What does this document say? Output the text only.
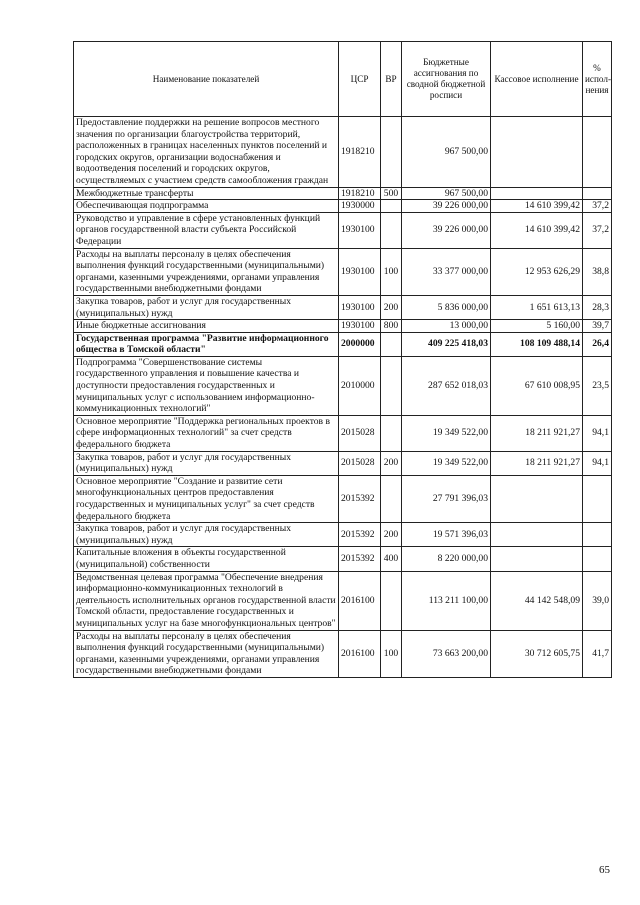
Наименование показателей	ЦСР	ВР	Бюджетные ассигнования по сводной бюджетной росписи	Кассовое исполнение	% испол-нения
Предоставление поддержки на решение вопросов местного значения по организации благоустройства территорий, расположенных в границах населенных пунктов поселений и городских округов, организации водоснабжения и водоотведения поселений и городских округов, осуществляемых с участием средств самообложения граждан	1918210		967 500,00		
Межбюджетные трансферты	1918210	500	967 500,00		
Обеспечивающая подпрограмма	1930000		39 226 000,00	14 610 399,42	37,2
Руководство и управление в сфере установленных функций органов государственной власти субъекта Российской Федерации	1930100		39 226 000,00	14 610 399,42	37,2
Расходы на выплаты персоналу в целях обеспечения выполнения функций государственными (муниципальными) органами, казенными учреждениями, органами управления государственными внебюджетными фондами	1930100	100	33 377 000,00	12 953 626,29	38,8
Закупка товаров, работ и услуг для государственных (муниципальных) нужд	1930100	200	5 836 000,00	1 651 613,13	28,3
Иные бюджетные ассигнования	1930100	800	13 000,00	5 160,00	39,7
Государственная программа "Развитие информационного общества в Томской области"	2000000		409 225 418,03	108 109 488,14	26,4
Подпрограмма "Совершенствование системы государственного управления и повышение качества и доступности предоставления государственных и муниципальных услуг с использованием информационно-коммуникационных технологий"	2010000		287 652 018,03	67 610 008,95	23,5
Основное мероприятие "Поддержка региональных проектов в сфере информационных технологий" за счет средств федерального бюджета	2015028		19 349 522,00	18 211 921,27	94,1
Закупка товаров, работ и услуг для государственных (муниципальных) нужд	2015028	200	19 349 522,00	18 211 921,27	94,1
Основное мероприятие "Создание и развитие сети многофункциональных центров предоставления государственных и муниципальных услуг" за счет средств федерального бюджета	2015392		27 791 396,03		
Закупка товаров, работ и услуг для государственных (муниципальных) нужд	2015392	200	19 571 396,03		
Капитальные вложения в объекты государственной (муниципальной) собственности	2015392	400	8 220 000,00		
Ведомственная целевая программа "Обеспечение внедрения информационно-коммуникационных технологий в деятельность исполнительных органов государственной власти Томской области, предоставление государственных и муниципальных услуг на базе многофункциональных центров"	2016100		113 211 100,00	44 142 548,09	39,0
Расходы на выплаты персоналу в целях обеспечения выполнения функций государственными (муниципальными) органами, казенными учреждениями, органами управления государственными внебюджетными фондами	2016100	100	73 663 200,00	30 712 605,75	41,7
65
